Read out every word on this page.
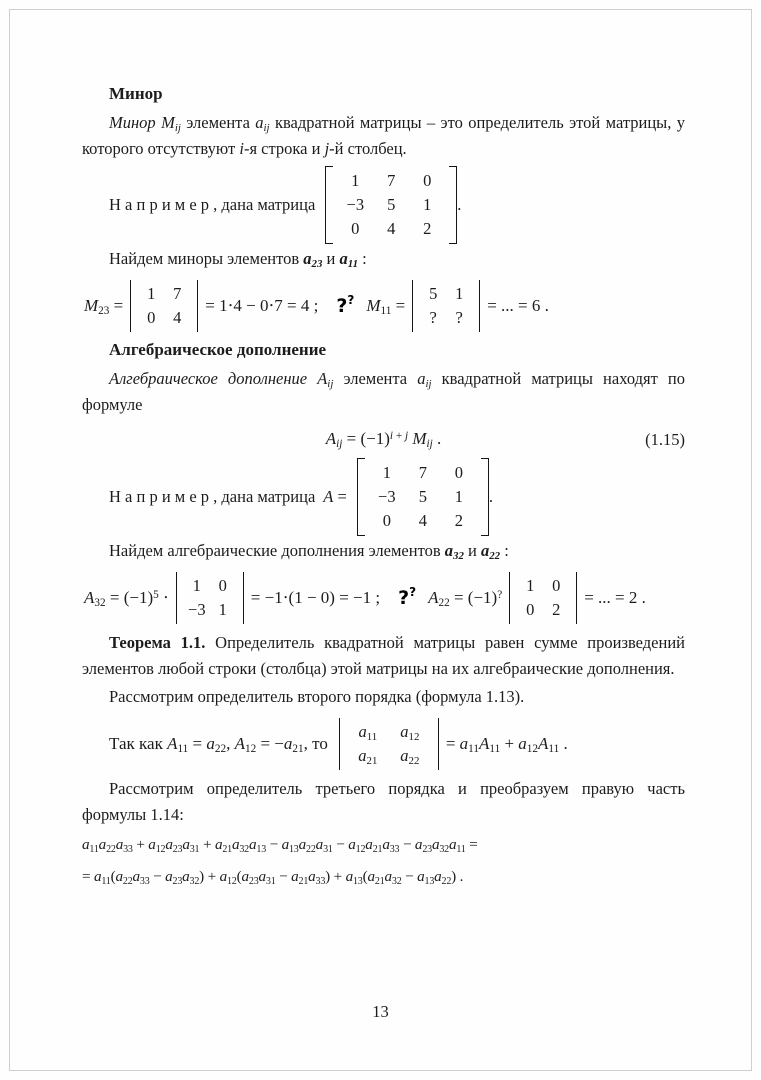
Минор

Минор $M_{ij}$ элемента $a_{ij}$ квадратной матрицы – это определитель этой матрицы, у которого отсутствуют i-я строка и j-й столбец.

Н а п р и м е р , дана матрица
1	7	0
−3	5	1
0	4	2
.

Найдем миноры элементов $a_{23}$ и $a_{11}$ :

$M_{23}$ =
1	7
0	4
= 1⋅4 − 0⋅7 = 4 ; ? ? $M_{11}$ =
5	1
?	?
= ... = 6 .
Алгебраическое дополнение

Алгебраическое дополнение $A_{ij}$ элемента $a_{ij}$ квадратной матрицы находят по формуле

$A_{ij} = (-1)^{i + j}$ $M_{ij}$ .	(1.15)
Н а п р и м е р , дана матрица A =
1	7	0
−3	5	1
0	4	2
.

Найдем алгебраические дополнения элементов $a_{32}$ и $a_{22}$ :

$A_{32} = (-1)^5$ ⋅
1	0
−3 1
= −1⋅(1 − 0) = −1 ; ? ? $A_{22} = (-1)^?$	1	0
0	2
= ... = 2 .

Теорема 1.1. Определитель квадратной матрицы равен сумме произведений элементов любой строки (столбца) этой матрицы на их алгебраические дополнения.

Рассмотрим определитель второго порядка (формула 1.13).

Так как $A_{11} = a_{22}$, $A_{12} = -a_{21}$, то
$a_{11}$	$a_{12}$
$a_{21}$	$a_{22}$
= $a_{11}A_{11} + a_{12}A_{11}$ .

Рассмотрим определитель третьего порядка и преобразуем правую часть формулы 1.14:

$a_{11}a_{22}a_{33} + a_{12}a_{23}a_{31} + a_{21}a_{32}a_{13} - a_{13}a_{22}a_{31} - a_{12}a_{21}a_{33} - a_{23}a_{32}a_{11}$ =
= $a_{11}(a_{22}a_{33} - a_{23}a_{32}) + a_{12}(a_{23}a_{31} - a_{21}a_{33}) + a_{13}(a_{21}a_{32} - a_{13}a_{22})$ .
13
